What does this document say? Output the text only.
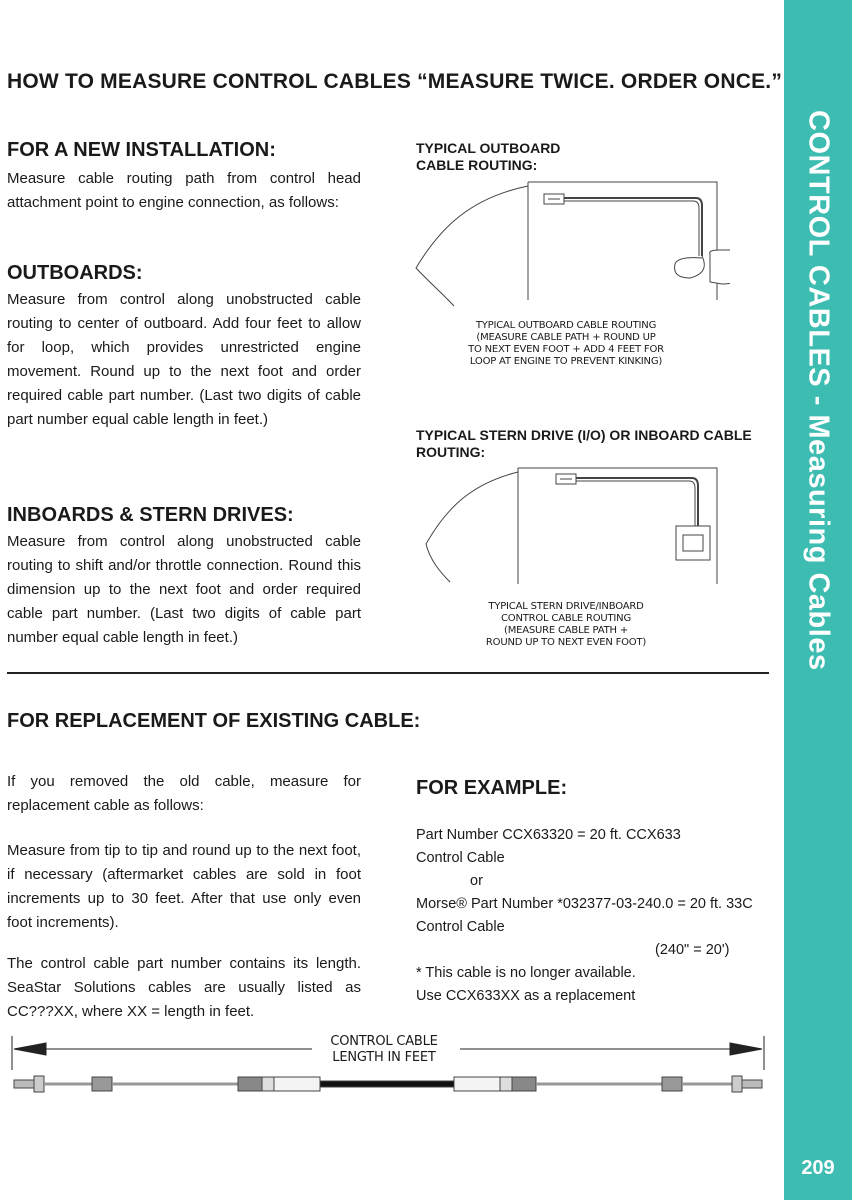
CONTROL CABLES - Measuring Cables
209
HOW TO MEASURE CONTROL CABLES “MEASURE TWICE. ORDER ONCE.”
FOR A NEW INSTALLATION:
Measure cable routing path from control head attachment point to engine connection, as follows:
OUTBOARDS:
Measure from control along unobstructed cable routing to center of outboard. Add four feet to allow for loop, which provides unrestricted engine movement. Round up to the next foot and order required cable part number. (Last two digits of cable part number equal cable length in feet.)
INBOARDS & STERN DRIVES:
Measure from control along unobstructed cable routing to shift and/or throttle connection. Round this dimension up to the next foot and order required cable part number. (Last two digits of cable part number equal cable length in feet.)
TYPICAL OUTBOARD
CABLE ROUTING:
TYPICAL OUTBOARD CABLE ROUTING
(MEASURE CABLE PATH + ROUND UP
TO NEXT EVEN FOOT + ADD 4 FEET FOR
LOOP AT ENGINE TO PREVENT KINKING)
TYPICAL STERN DRIVE (I/O) OR INBOARD CABLE
ROUTING:
TYPICAL STERN DRIVE/INBOARD
CONTROL CABLE ROUTING
(MEASURE CABLE PATH +
ROUND UP TO NEXT EVEN FOOT)
FOR REPLACEMENT OF EXISTING CABLE:
If you removed the old cable, measure for replacement cable as follows:
Measure from tip to tip and round up to the next foot, if necessary (aftermarket cables are sold in foot increments up to 30 feet. After that use only even foot increments).
The control cable part number contains its length. SeaStar Solutions cables are usually listed as CC???XX, where XX = length in feet.
FOR EXAMPLE:
Part Number CCX63320 = 20 ft. CCX633
Control Cable
or
Morse® Part Number *032377-03-240.0 = 20 ft. 33C
Control Cable
(240" = 20')
* This cable is no longer available.
Use CCX633XX as a replacement
CONTROL CABLE
LENGTH IN FEET
